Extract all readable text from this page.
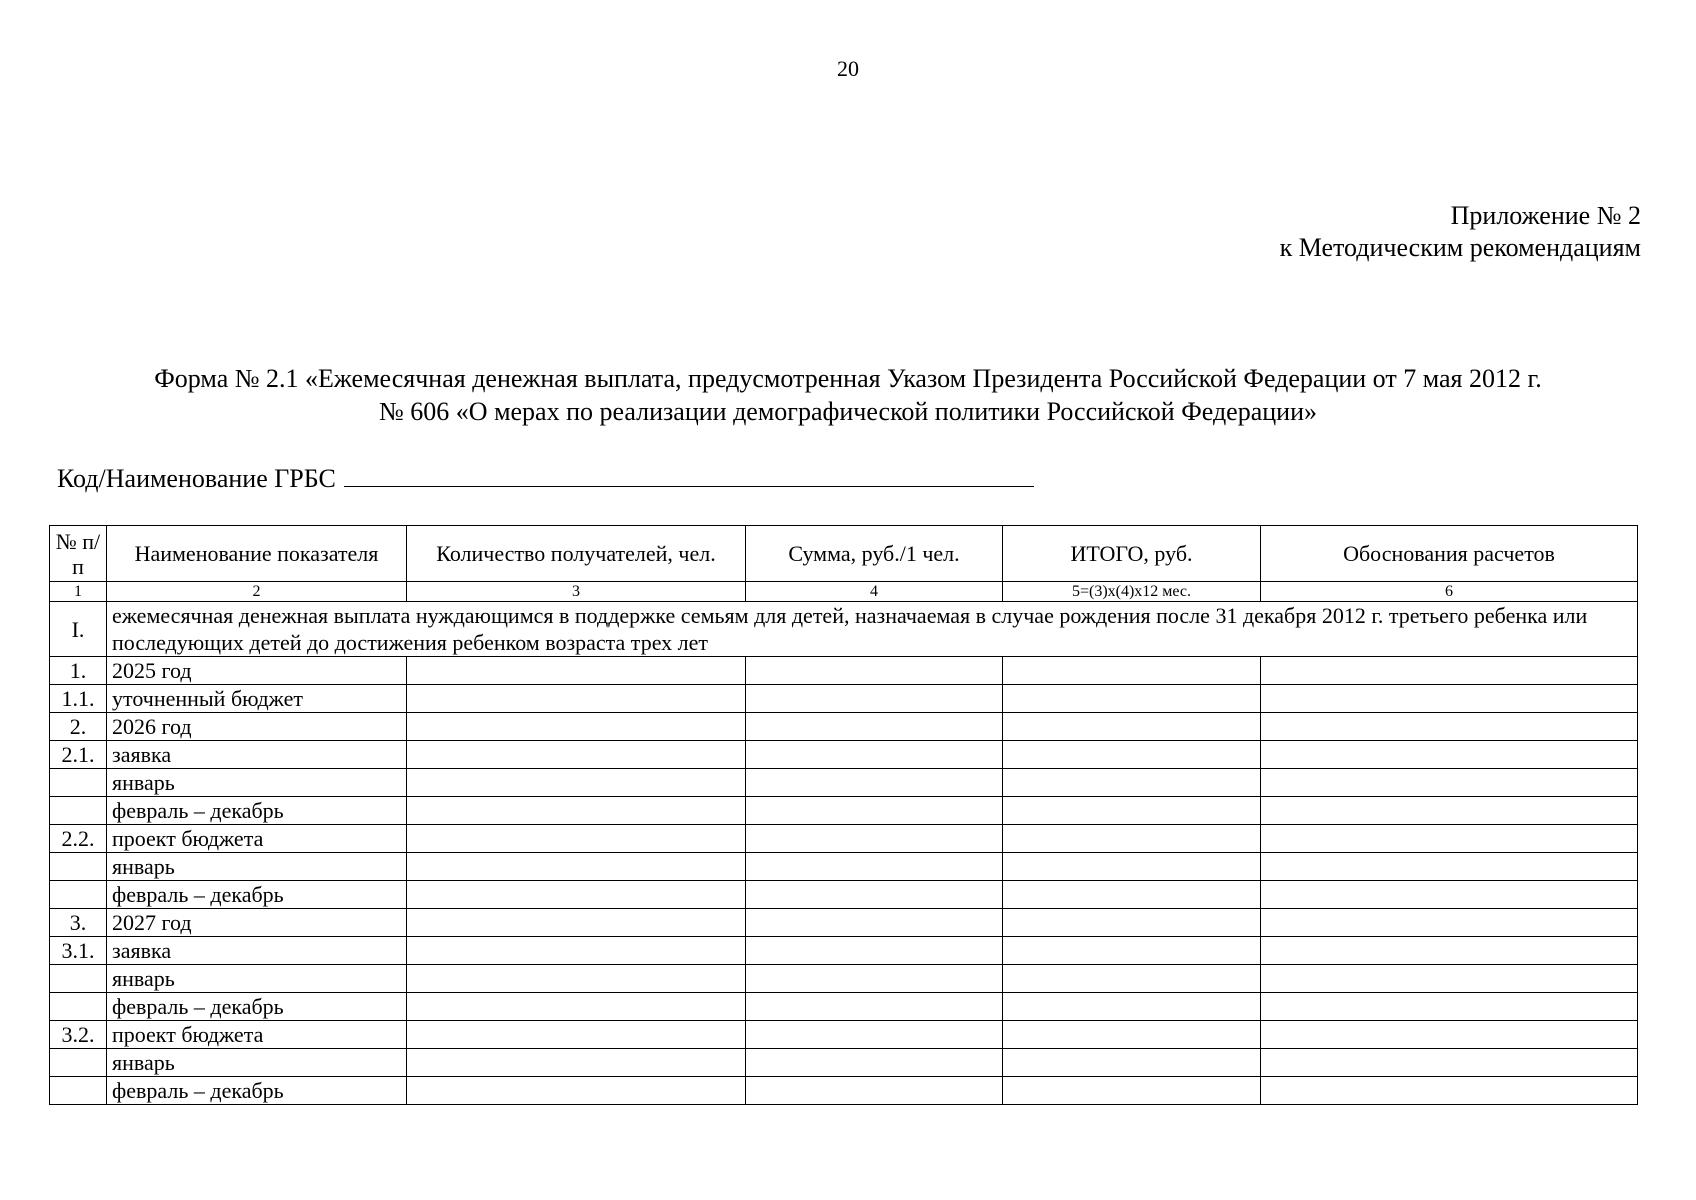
20
Приложение № 2
к Методическим рекомендациям
Форма № 2.1 «Ежемесячная денежная выплата, предусмотренная Указом Президента Российской Федерации от 7 мая 2012 г.
№ 606 «О мерах по реализации демографической политики Российской Федерации»
Код/Наименование ГРБС
№ п/п	Наименование показателя	Количество получателей, чел.	Сумма, руб./1 чел.	ИТОГО, руб.	Обоснования расчетов
1	2	3	4	5=(3)x(4)x12 мес.	6
I.	ежемесячная денежная выплата нуждающимся в поддержке семьям для детей, назначаемая в случае рождения после 31 декабря 2012 г. третьего ребенка или последующих детей до достижения ребенком возраста трех лет				
1.	2025 год				
1.1.	уточненный бюджет				
2.	2026 год				
2.1.	заявка				
	январь				
	февраль – декабрь				
2.2.	проект бюджета				
	январь				
	февраль – декабрь				
3.	2027 год				
3.1.	заявка				
	январь				
	февраль – декабрь				
3.2.	проект бюджета				
	январь				
	февраль – декабрь				
